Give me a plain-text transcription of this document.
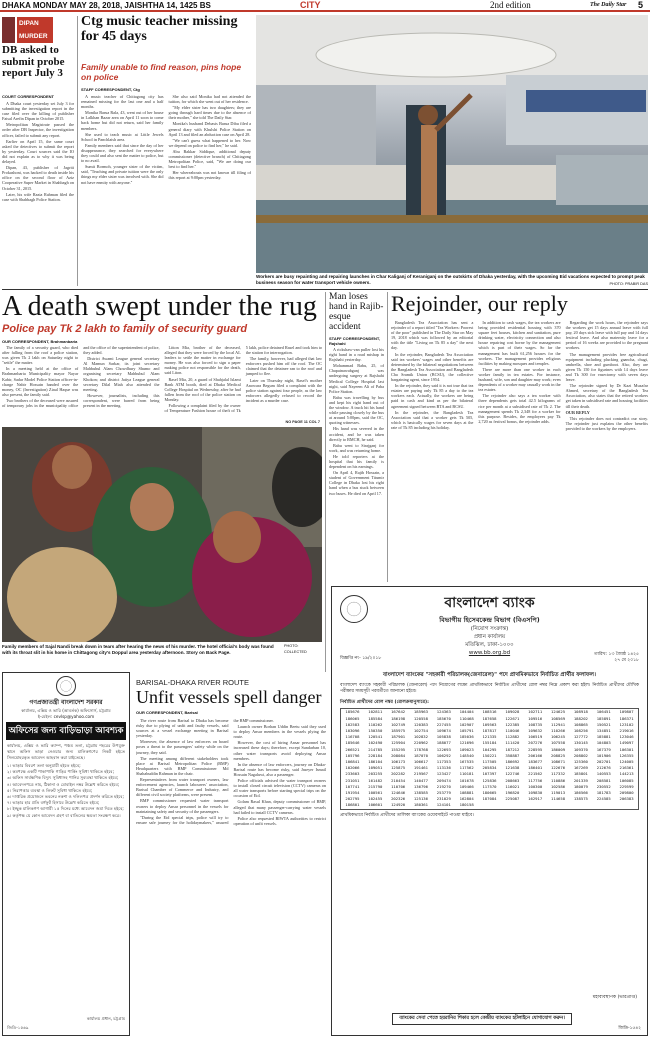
DHAKA MONDAY MAY 28, 2018, JAISHTHA 14, 1425 BS	CITY	2nd edition	The Daily Star 5
DIPAN
MURDER
DB asked to submit probe report July 3
COURT CORRESPONDENT

A Dhaka court yesterday set July 3 for submitting the investigation report in the case filed over the killing of publisher Faisal Arefin Dipan in October 2015.

Metropolitan Magistrate passed the order after DB Inspector, the investigation officer, failed to submit any report.

Earlier on April 15, the same court asked the detectives to submit the report by yesterday. Court sources said the IO did not explain as to why it was being delayed.

Dipan, 43, publisher of Jagriti Prokashoni, was hacked to death inside his office on the second floor of Aziz Cooperative Super Market in Shahbagh on October 31, 2015.

Later, his wife Razia Rahman filed the case with Shahbagh Police Station.

Ctg music teacher missing for 45 days
Family unable to find reason, pins hope on police
STAFF CORRESPONDENT, Ctg

A music teacher of Chittagong city has remained missing for the last one and a half months.

Monika Barua Rala, 43, went out of her house in Lalkhan Bazar area on April 11 soon to come back home but did not return, said her family members.

She used to teach music at Little Jewels School in Panchlaish area.

Family members said that since the day of her disappearance, they searched for everywhere they could and also sent the matter to police, but to no avail.

Sumit Bormoh, younger sister of the victim, said, "Teaching and private tuition were the only things my elder sister was involved with. She did not have enmity with anyone."

She also said Monika had not attended the tuition, for which she went out of her residence.

"My elder sister has two daughters; they are going through hard times due to the absence of their mother," she told The Daily Star.

Monika's husband Debasis Barua Dibu filed a general diary with Khulshi Police Station on April 13 and filed an abduction case on April 28.

"We can't guess what happened to her. Now we depend on police to find her," he said.

Abu Bakkar Siddique, additional deputy commissioner (detective branch) of Chittagong Metropolitan Police, said, "We are doing our best to find her."

Her whereabouts was not known till filing of this report at 9:00pm yesterday.

Workers are busy repainting and repairing launches in Char Kaliganj of Keraniganj on the outskirts of Dhaka yesterday, with the upcoming Eid vacations expected to prompt peak business season for water transport vehicle owners.	PHOTO: PRABIR DAS
A death swept under the rug
Police pay Tk 2 lakh to family of security guard
OUR CORRESPONDENT, Brahmanbaria

The family of a security guard, who died after falling from the roof a police station, was given Tk 2 lakh on Saturday night to "settle" the matter.

In a meeting held at the office of Brahmanbaria Municipality mayor Nayar Kabir, Sadar Model Police Station officer-in-charge Nabir Hossain handed over the money, OC (Investigation) Ziaul Haque was also present, the family said.

Two brothers of the deceased were assured of temporary jobs in the municipality office and the office of the superintendent of police, they added.

District Awami League general secretary Al Mamun Sarkar, its joint secretary Mahbubul Alam Chowdhury Shumo and organising secretary Mahbubul Alam Khokon; and district Jatiya League general secretary Dilal Miah also attended the meeting.

However, journalists, including this correspondent, were barred from being present in the meeting.

Litton Mia, brother of the deceased, alleged that they were forced by the local AL leaders to settle the matter in exchange for money. He was also forced to sign a paper making police not responsible for the death, said Liton.

Rasel Mia, 20, a guard of Shahjalal Islami Bank ATM booth, died at Dhaka Medical College Hospital on Wednesday, after he had fallen from the roof of the police station on Monday.

Following a complaint filed by the owner of Temperature Fashion house of theft of Tk 5 lakh, police detained Rasel and took him to the station for interrogation.

The family, however, had alleged that law enforcers pushed him off the roof. The OC claimed that the detainee ran to the roof and jumped to flee.

Later on Thursday night, Rasel's mother Anowara Begum filed a complaint with the police station against four people, as the law enforcers allegedly refused to record the incident as a murder case.

NO PAGE 11 COL 7
Family members of Sajal Nandi break down in tears after hearing the news of his murder. The hotel official's body was found with its throat slit in his home in Chittagong city's Doppul area yesterday afternoon. Story on Back Page.
PHOTO: COLLECTED
Man loses hand in Rajib-esque accident
STAFF CORRESPONDENT, Rajshahi

A rickshaw-van puller lost his right hand in a road mishap in Rajshahi yesterday.

Mohammad Babu, 25, of Chapainawabganj was undergoing surgery at Rajshahi Medical College Hospital last night, said Nayeem Ali of Paba Police Station.

Babu was travelling by bus and kept his right hand out of the window. A truck hit his hand while passing closely by the bus at around 5:00pm, said the OC, quoting witnesses.

His hand was severed in the accident, and he was taken directly to RMCH, he said.

Babu went to Sirajganj for work, and was returning home.

He told reporters at the hospital that his family is dependent on his earnings.

On April 4, Rajib Hossain, a student of Government Titumir College in Dhaka lost his right hand when a bus stuck between two buses. He died on April 17.

Rejoinder, our reply

Bangladesh Tea Association has sent a rejoinder of a report titled "Tea Workers: Poorest of the poor" published in The Daily Star on May 19, 2018 which was followed by an editorial with the title "Living on Tk 85 a day" the next day.

In the rejoinder, Bangladesh Tea Association said tea workers' wages and other benefits are determined by the bilateral negotiations between the Bangladesh Tea Association and Bangladesh Cha Sramik Union (BCSU), the collective bargaining agent, since 1954.

In the rejoinder, they said it is not true that tea estates are paying only Tk 85 a day to the tea workers each. Actually, the workers are being paid in cash and kind as per the bilateral agreement signed between BTA and BCSU.

In the rejoinder, the Bangladesh Tea Association said that a worker gets Tk 505, which is basically wages for seven days at the rate of Tk 85 including his holiday.

In addition to cash wages, the tea workers are being provided residential housing with 370 square feet houses, kitchen and sanitation, pure drinking water, electricity connection and also house repairing cost borne by the management which is part of their wages. So far the management has built 61,256 houses for the workers. The management provides religious facilities by making mosques and temples.

There are more than one worker in each worker family in tea estates. For instance, husband, wife, son and daughter may work; even dependents of a worker may casually work in the tea estates.

The rejoinder also says a tea worker with three dependents gets total 42.5 kilograms of rice per month at a subsidised rate of Tk 2. The management spends Tk 2,348 for a worker for this purpose. Besides, the employees pay Tk 2,720 as festival bonus, the rejoinder adds.

Regarding the work hours, the rejoinder says the workers get 15 days annual leave with full pay, 20 days sick leave with full pay and 14 days festival leave. And also maternity leave for a period of 16 weeks are provided to the pregnant workers.

The management provides free agricultural equipment including plucking gaancha, chugi, umbrella, shoe and gumboot. Also, they are given Tk 150 for figurines with 14 days leave and Tk 300 for vasectomy with seven days leave.

The rejoinder signed by Dr Kazi Muzafar Ahmed, secretary of the Bangladesh Tea Association, also states that the retired workers get taken in subsidised rate and housing facilities till their death.

OUR REPLY

This rejoinder does not contradict our story. The rejoinder just explains the other benefits provided to the workers by the employers.

গণপ্রজাতন্ত্রী বাংলাদেশ সরকার
কার্যালয়, এক্সিয় ও ভারি (আবর্তক) অফিসোর্স, চট্টগ্রাম
ই-মেইল: cevlsp@yahoo.com
অফিসের জন্য বাড়িভাড়া আবশ্যক
কার্যালয়, এক্সিয় ও ভারি ক্যাম্প, পঞ্চম তলা, চট্টগ্রাম শহরের উপযুক্ত স্থানে অফিস ভাড়া নেওয়ার জন্য মালিকগণের নিকট হইতে সিলমোহরকৃত আবেদন আহবান করা যাইতেছে।
১। ভাড়ার বিবরণ তলা অনুযায়ী হইতে হইবে;
২। কমপক্ষে একটি পাকাপাকি গাড়ির পার্কিং সুবিধা থাকিতে হইবে;
৩। অফিস সার্বক্ষণিক বিদ্যুৎ সুবিধাসহ পানির সুব্যবস্থা থাকিতে হইবে;
৪। আবেদনপত্রে নাম, ঠিকানা ও মোবাইল নম্বর উল্লেখ করিতে হইবে;
৫। নিরাপত্তার ব্যবস্থা ও লিফট সুবিধা থাকিতে হইবে;
৬। দাপ্তরিক প্রয়োজনে ভবনের নকশা ও দলিলপত্র প্রদর্শন করিতে হইবে;
৭। ভাড়ার হার প্রতি বর্গফুট হিসাবে উল্লেখ করিতে হইবে;
৮। ইচ্ছুক মালিকগণ আগামী ১৫ দিনের মধ্যে আবেদন জমা দিতে হইবে;
৯। কর্তৃপক্ষ যে কোন আবেদন গ্রহণ বা বাতিলের ক্ষমতা সংরক্ষণ করে।
কার্যালয় প্রধান, চট্টগ্রাম
জিডি-১৫৬৯
BARISAL-DHAKA RIVER ROUTE
Unfit vessels spell danger
OUR CORRESPONDENT, Barisal

The river route from Barisal to Dhaka has become risky due to plying of unfit and faulty vessels, said sources at a vessel exchange meeting in Barisal yesterday.

Moreover, the absence of law enforcers on board poses a threat to the passengers' safety while on the journey, they said.

The meeting among different stakeholders took place at Barisal Metropolitan Police (BMP) Headquarters with BMP Commissioner Md Shahabuddin Rahman in the chair.

Representatives from water transport owners, law enforcement agencies, launch labourers' association, Barisal Chamber of Commerce and Industry, and different civil society platforms, were present.

BMP commissioner requested water transport owners to deploy Ansar personnel in the vessels for maintaining safety and security of the passengers.

"During the Eid special trips, police will try to ensure safe journey for the holidaymakers," assured the BMP commissioner.

Launch owner Borhan Uddin Beetu said they used to deploy Ansar members in the vessels plying the route.

However, the cost of hiring Ansar personnel has increased these days; therefore, except Sundarban 10, other water transports avoid deploying Ansar members.

In the absence of law enforcers, journey on Dhaka-Barisal route has become risky, said Jaseyer Ismail Hossain Nagaluwi, also a passenger.

Police officials advised the water transport owners to install closed circuit television (CCTV) cameras on all water transports before starting special trips on the occasion of Eid.

Golam Rasul Khan, deputy commissioner of BMP, alleged that many passenger-carrying water vessels had failed to install CCTV cameras.

Police also requested BIWTA authorities to restrict operation of unfit vessels.

বাংলাদেশ ব্যাংক
বিভাগীয় হিসেবকেন্দ্র বিভাগ (বিএসপি)
(নিয়োগ সংক্রান্ত)
প্রধান কার্যালয়
মতিঝিল, ঢাকা-১০০০
www.bb.org.bd
বিজ্ঞপ্তি নং- ১৯/২০১৮
তারিখ: ১৩ জ্যৈষ্ঠ ১৪২৫
২৭ মে ২০১৮
বাংলাদেশ ব্যাংকের "সহকারী পরিচালক(জেনারেল)" পদে প্রাথমিকভাবে নির্বাচিত প্রার্থীর ফলাফল।
বাংলাদেশ ব্যাংকে সহকারী পরিচালক (জেনারেল) পদে নিয়োগের লক্ষ্যে প্রাথমিকভাবে নির্বাচিত প্রার্থীদের রোল নম্বর নিম্নে প্রকাশ করা হইল। নির্বাচিত প্রার্থীদের মৌখিক পরীক্ষার সময়সূচী পরবর্তীতে জানানো হইবে।
নির্বাচিত প্রার্থীদের রোল নম্বর (রোলক্রমানুসারে):
185676	102811	167642	185963	124363	104404	108516	109028	102711	124625	108918	106451	109807
186065	185584	186198	120558	185670	110468	187658	122671	109516	108569	188202	185891	186371
102583	110262	102749	120383	227455	102907	109563	122385	108735	112941	108865	150521	123102
103096	150350	185975	102754	109674	105791	187817	110046	109632	110266	108256	134851	219016
116708	120541	187901	102832	105838	185036	121335	112882	106519	106245	127772	185881	123046
185646	102490	125904	220962	188077	121696	155184	111420	207276	107558	130145	104803	149097
266521	214785	155295	178768	122693	109023	104295	187212	228595	186009	109370	167379	106301
105796	228184	208084	187070	106292	148540	150221	358887	206166	208825	208802	101906	126355
106841	186104	106173	106617	117353	167535	117505	186692	183677	108671	125360	202701	124005
102066	109051	125875	191461	113136	117562	205834	121638	186401	122676	167269	212676	216361
233603	203255	202282	219567	123427	110181	107397	122746	221562	117332	185801	140553	144213
231051	161482	210454	140477	209474	101678	125836	208663	117756	110886	201339	208581	106085
107741	215790	110706	136796	219270	109466	117570	116021	100300	102586	180079	230552	229599
191954	100561	124646	138585	253779	108881	180665	196820	109830	119013	186566	181783	209800
202795	102455	202326	125136	231029	162804	187084	225087	162917	114658	138575	224585	206383
186801	106601	124920	180361	124101	180158
প্রাথমিকভাবে নির্বাচিত প্রার্থীদের তালিকা ব্যাংকের ওয়েবসাইটে পাওয়া যাইবে।
মহাব্যবস্থাপক (ভারপ্রাপ্ত)
ব্যাংকের সেবা পেতে হয়রানির শিকার হলে কেন্দ্রীয় ব্যাংকের হটলাইনে যোগাযোগ করুন।
জিডি-১৫৪২
